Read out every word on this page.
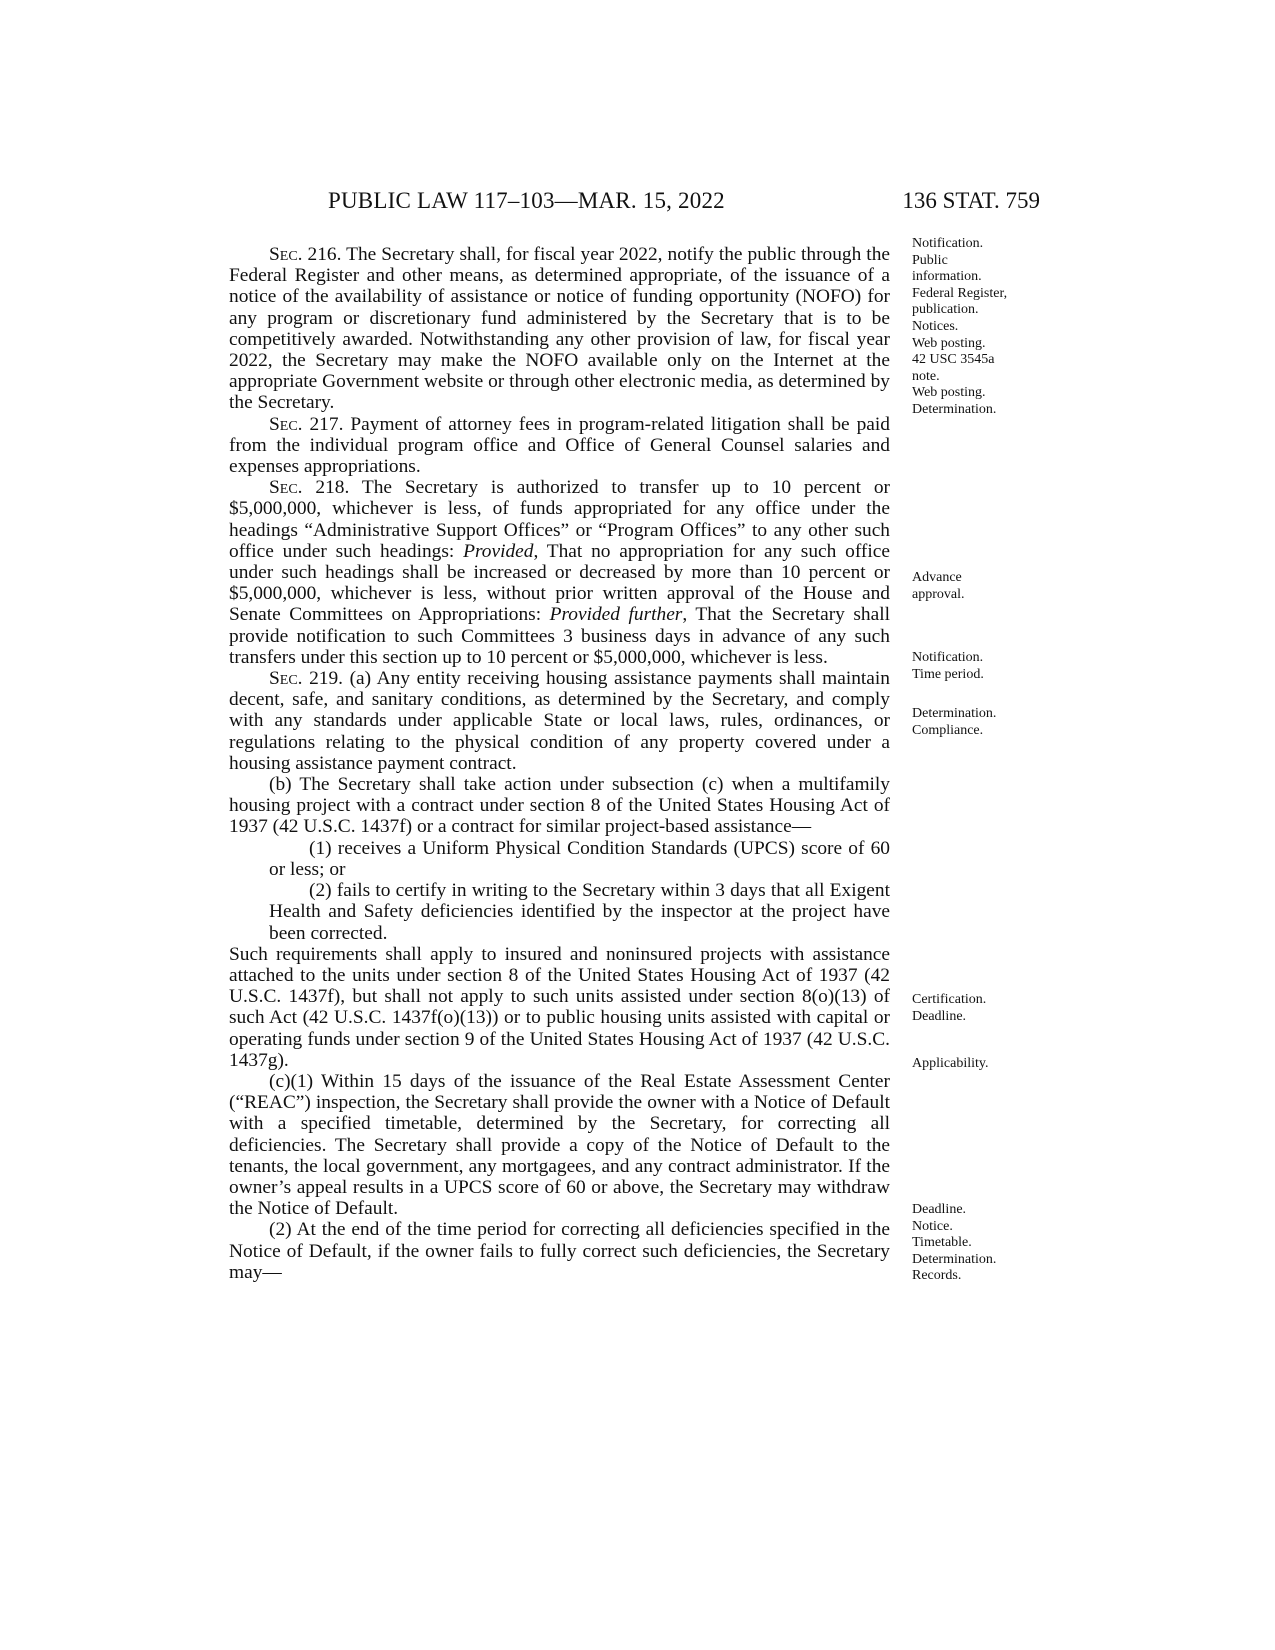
PUBLIC LAW 117–103—MAR. 15, 2022	136 STAT. 759

Sec. 216. The Secretary shall, for fiscal year 2022, notify the public through the Federal Register and other means, as determined appropriate, of the issuance of a notice of the availability of assistance or notice of funding opportunity (NOFO) for any program or discretionary fund administered by the Secretary that is to be competitively awarded. Notwithstanding any other provision of law, for fiscal year 2022, the Secretary may make the NOFO available only on the Internet at the appropriate Government website or through other electronic media, as determined by the Secretary.

Sec. 217. Payment of attorney fees in program-related litigation shall be paid from the individual program office and Office of General Counsel salaries and expenses appropriations.

Sec. 218. The Secretary is authorized to transfer up to 10 percent or $5,000,000, whichever is less, of funds appropriated for any office under the headings “Administrative Support Offices” or “Program Offices” to any other such office under such headings: Provided, That no appropriation for any such office under such headings shall be increased or decreased by more than 10 percent or $5,000,000, whichever is less, without prior written approval of the House and Senate Committees on Appropriations: Provided further, That the Secretary shall provide notification to such Committees 3 business days in advance of any such transfers under this section up to 10 percent or $5,000,000, whichever is less.

Sec. 219. (a) Any entity receiving housing assistance payments shall maintain decent, safe, and sanitary conditions, as determined by the Secretary, and comply with any standards under applicable State or local laws, rules, ordinances, or regulations relating to the physical condition of any property covered under a housing assistance payment contract.

(b) The Secretary shall take action under subsection (c) when a multifamily housing project with a contract under section 8 of the United States Housing Act of 1937 (42 U.S.C. 1437f) or a contract for similar project-based assistance—

(1) receives a Uniform Physical Condition Standards (UPCS) score of 60 or less; or

(2) fails to certify in writing to the Secretary within 3 days that all Exigent Health and Safety deficiencies identified by the inspector at the project have been corrected.

Such requirements shall apply to insured and noninsured projects with assistance attached to the units under section 8 of the United States Housing Act of 1937 (42 U.S.C. 1437f), but shall not apply to such units assisted under section 8(o)(13) of such Act (42 U.S.C. 1437f(o)(13)) or to public housing units assisted with capital or operating funds under section 9 of the United States Housing Act of 1937 (42 U.S.C. 1437g).

(c)(1) Within 15 days of the issuance of the Real Estate Assessment Center (“REAC”) inspection, the Secretary shall provide the owner with a Notice of Default with a specified timetable, determined by the Secretary, for correcting all deficiencies. The Secretary shall provide a copy of the Notice of Default to the tenants, the local government, any mortgagees, and any contract administrator. If the owner’s appeal results in a UPCS score of 60 or above, the Secretary may withdraw the Notice of Default.

(2) At the end of the time period for correcting all deficiencies specified in the Notice of Default, if the owner fails to fully correct such deficiencies, the Secretary may—

Notification.
Public
information.
Federal Register,
publication.
Notices.
Web posting.
42 USC 3545a
note.
Web posting.
Determination.
Advance
approval.
Notification.
Time period.
Determination.
Compliance.
Certification.
Deadline.
Applicability.
Deadline.
Notice.
Timetable.
Determination.
Records.
